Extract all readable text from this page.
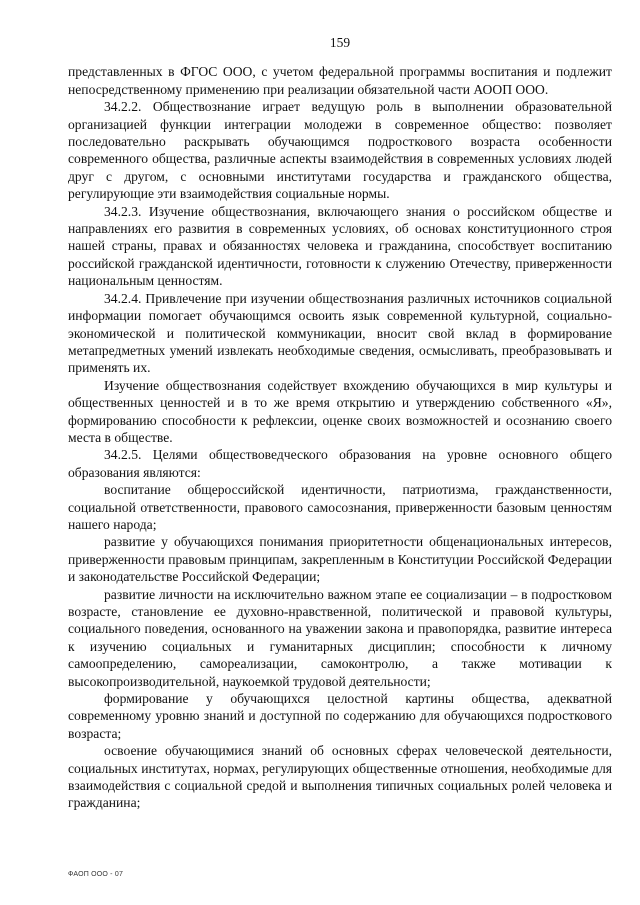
159

представленных в ФГОС ООО, с учетом федеральной программы воспитания и подлежит непосредственному применению при реализации обязательной части АООП ООО.

34.2.2. Обществознание играет ведущую роль в выполнении образовательной организацией функции интеграции молодежи в современное общество: позволяет последовательно раскрывать обучающимся подросткового возраста особенности современного общества, различные аспекты взаимодействия в современных условиях людей друг с другом, с основными институтами государства и гражданского общества, регулирующие эти взаимодействия социальные нормы.

34.2.3. Изучение обществознания, включающего знания о российском обществе и направлениях его развития в современных условиях, об основах конституционного строя нашей страны, правах и обязанностях человека и гражданина, способствует воспитанию российской гражданской идентичности, готовности к служению Отечеству, приверженности национальным ценностям.

34.2.4. Привлечение при изучении обществознания различных источников социальной информации помогает обучающимся освоить язык современной культурной, социально-экономической и политической коммуникации, вносит свой вклад в формирование метапредметных умений извлекать необходимые сведения, осмысливать, преобразовывать и применять их.

Изучение обществознания содействует вхождению обучающихся в мир культуры и общественных ценностей и в то же время открытию и утверждению собственного «Я», формированию способности к рефлексии, оценке своих возможностей и осознанию своего места в обществе.

34.2.5. Целями обществоведческого образования на уровне основного общего образования являются:

воспитание общероссийской идентичности, патриотизма, гражданственности, социальной ответственности, правового самосознания, приверженности базовым ценностям нашего народа;

развитие у обучающихся понимания приоритетности общенациональных интересов, приверженности правовым принципам, закрепленным в Конституции Российской Федерации и законодательстве Российской Федерации;

развитие личности на исключительно важном этапе ее социализации – в подростковом возрасте, становление ее духовно-нравственной, политической и правовой культуры, социального поведения, основанного на уважении закона и правопорядка, развитие интереса к изучению социальных и гуманитарных дисциплин; способности к личному самоопределению, самореализации, самоконтролю, а также мотивации к высокопроизводительной, наукоемкой трудовой деятельности;

формирование у обучающихся целостной картины общества, адекватной современному уровню знаний и доступной по содержанию для обучающихся подросткового возраста;

освоение обучающимися знаний об основных сферах человеческой деятельности, социальных институтах, нормах, регулирующих общественные отношения, необходимые для взаимодействия с социальной средой и выполнения типичных социальных ролей человека и гражданина;

ФАОП ООО - 07
